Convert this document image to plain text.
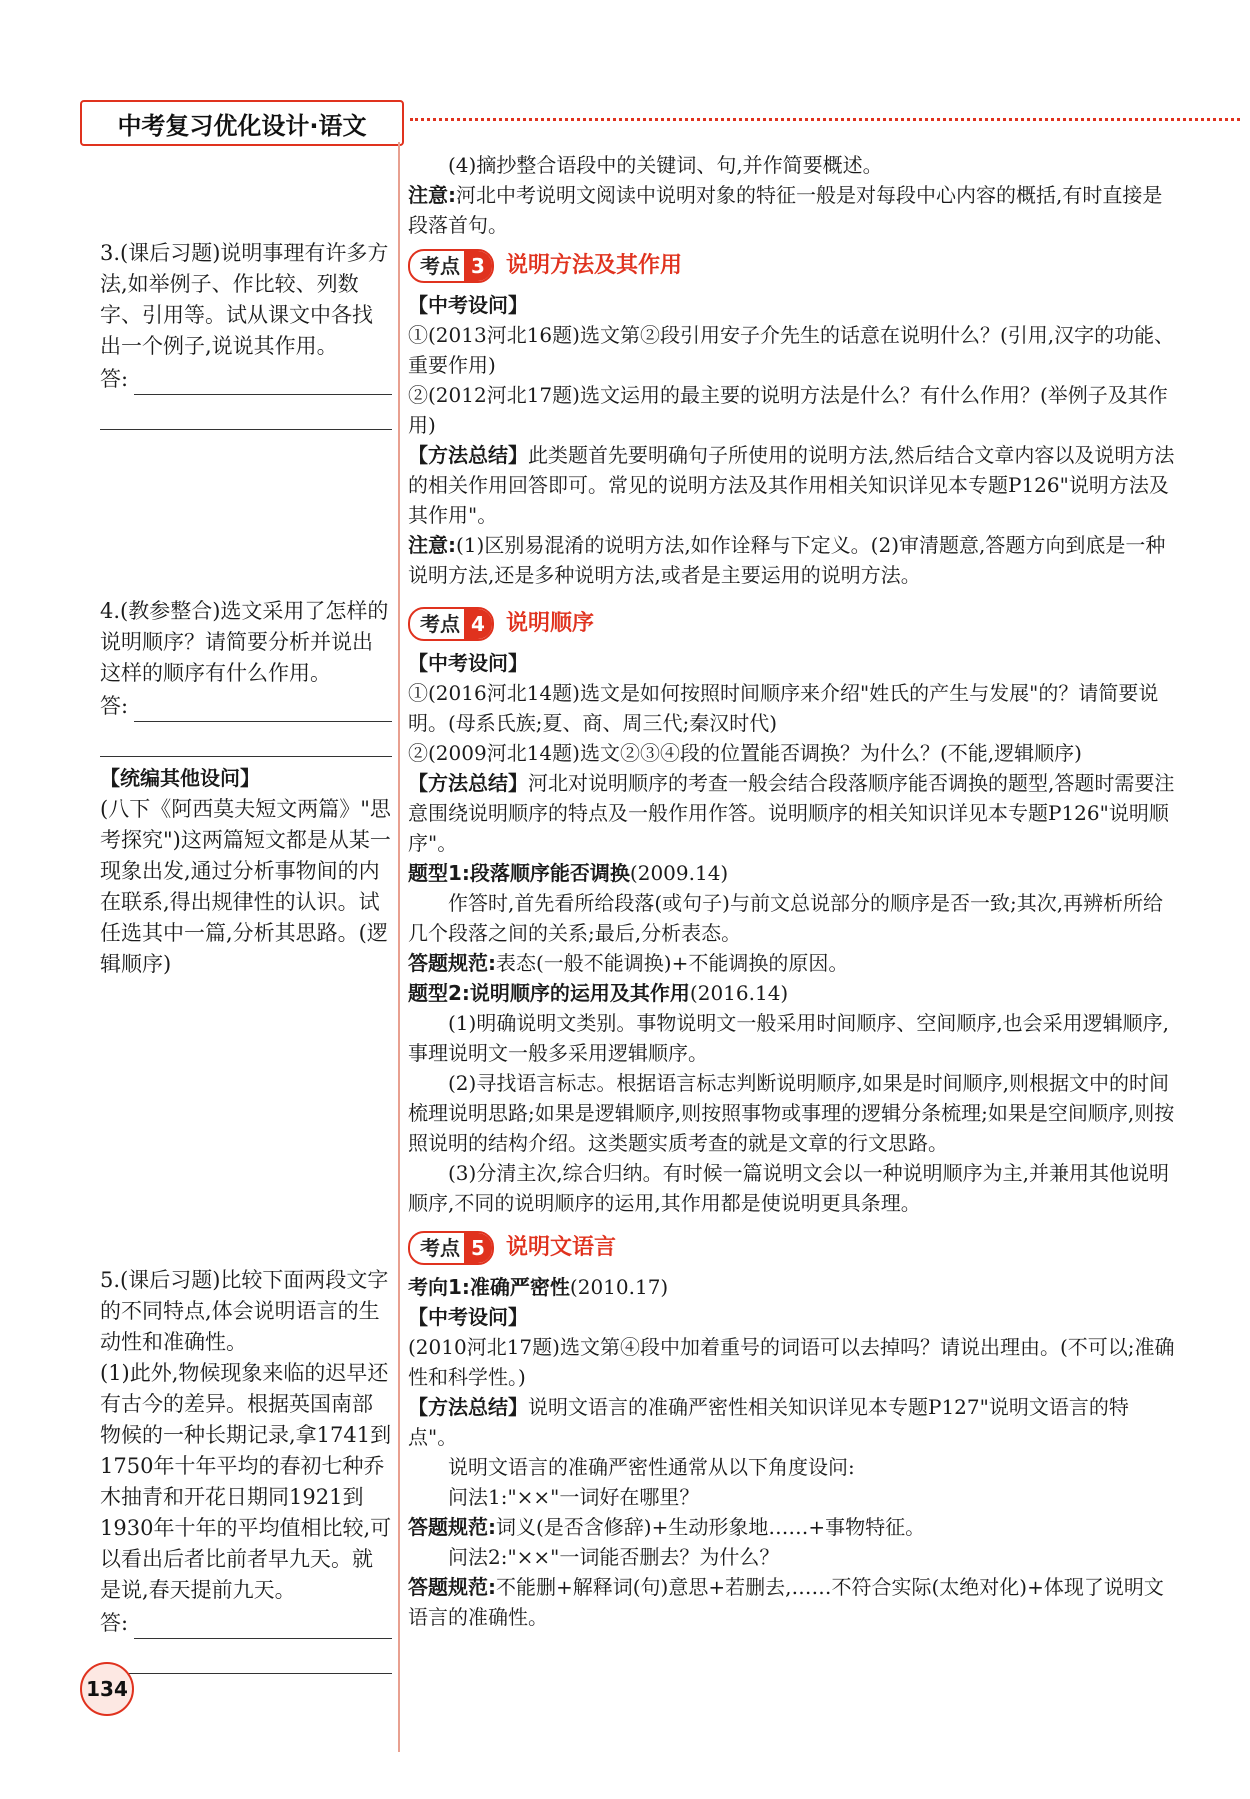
中考复习优化设计·语文

3.(课后习题)说明事理有许多方法,如举例子、作比较、列数字、引用等。试从课文中各找出一个例子,说说其作用。

答:

4.(教参整合)选文采用了怎样的说明顺序？请简要分析并说出这样的顺序有什么作用。

答:

【统编其他设问】

(八下《阿西莫夫短文两篇》"思考探究")这两篇短文都是从某一现象出发,通过分析事物间的内在联系,得出规律性的认识。试任选其中一篇,分析其思路。(逻辑顺序)

5.(课后习题)比较下面两段文字的不同特点,体会说明语言的生动性和准确性。

(1)此外,物候现象来临的迟早还有古今的差异。根据英国南部物候的一种长期记录,拿1741到1750年十年平均的春初七种乔木抽青和开花日期同1921到1930年十年的平均值相比较,可以看出后者比前者早九天。就是说,春天提前九天。

答:
134

(4)摘抄整合语段中的关键词、句,并作简要概述。

注意:河北中考说明文阅读中说明对象的特征一般是对每段中心内容的概括,有时直接是段落首句。

考点 3 说明方法及其作用

【中考设问】

①(2013河北16题)选文第②段引用安子介先生的话意在说明什么？(引用,汉字的功能、重要作用)

②(2012河北17题)选文运用的最主要的说明方法是什么？有什么作用？(举例子及其作用)

【方法总结】此类题首先要明确句子所使用的说明方法,然后结合文章内容以及说明方法的相关作用回答即可。常见的说明方法及其作用相关知识详见本专题P126"说明方法及其作用"。

注意:(1)区别易混淆的说明方法,如作诠释与下定义。(2)审清题意,答题方向到底是一种说明方法,还是多种说明方法,或者是主要运用的说明方法。

考点 4 说明顺序

【中考设问】

①(2016河北14题)选文是如何按照时间顺序来介绍"姓氏的产生与发展"的？请简要说明。(母系氏族;夏、商、周三代;秦汉时代)

②(2009河北14题)选文②③④段的位置能否调换？为什么？(不能,逻辑顺序)

【方法总结】河北对说明顺序的考查一般会结合段落顺序能否调换的题型,答题时需要注意围绕说明顺序的特点及一般作用作答。说明顺序的相关知识详见本专题P126"说明顺序"。

题型1:段落顺序能否调换(2009.14)

作答时,首先看所给段落(或句子)与前文总说部分的顺序是否一致;其次,再辨析所给几个段落之间的关系;最后,分析表态。

答题规范:表态(一般不能调换)+不能调换的原因。

题型2:说明顺序的运用及其作用(2016.14)

(1)明确说明文类别。事物说明文一般采用时间顺序、空间顺序,也会采用逻辑顺序,事理说明文一般多采用逻辑顺序。

(2)寻找语言标志。根据语言标志判断说明顺序,如果是时间顺序,则根据文中的时间梳理说明思路;如果是逻辑顺序,则按照事物或事理的逻辑分条梳理;如果是空间顺序,则按照说明的结构介绍。这类题实质考查的就是文章的行文思路。

(3)分清主次,综合归纳。有时候一篇说明文会以一种说明顺序为主,并兼用其他说明顺序,不同的说明顺序的运用,其作用都是使说明更具条理。

考点 5 说明文语言

考向1:准确严密性(2010.17)

【中考设问】

(2010河北17题)选文第④段中加着重号的词语可以去掉吗？请说出理由。(不可以;准确性和科学性。)

【方法总结】说明文语言的准确严密性相关知识详见本专题P127"说明文语言的特点"。

说明文语言的准确严密性通常从以下角度设问:

问法1:"××"一词好在哪里？

答题规范:词义(是否含修辞)+生动形象地……+事物特征。

问法2:"××"一词能否删去？为什么？

答题规范:不能删+解释词(句)意思+若删去,……不符合实际(太绝对化)+体现了说明文语言的准确性。
